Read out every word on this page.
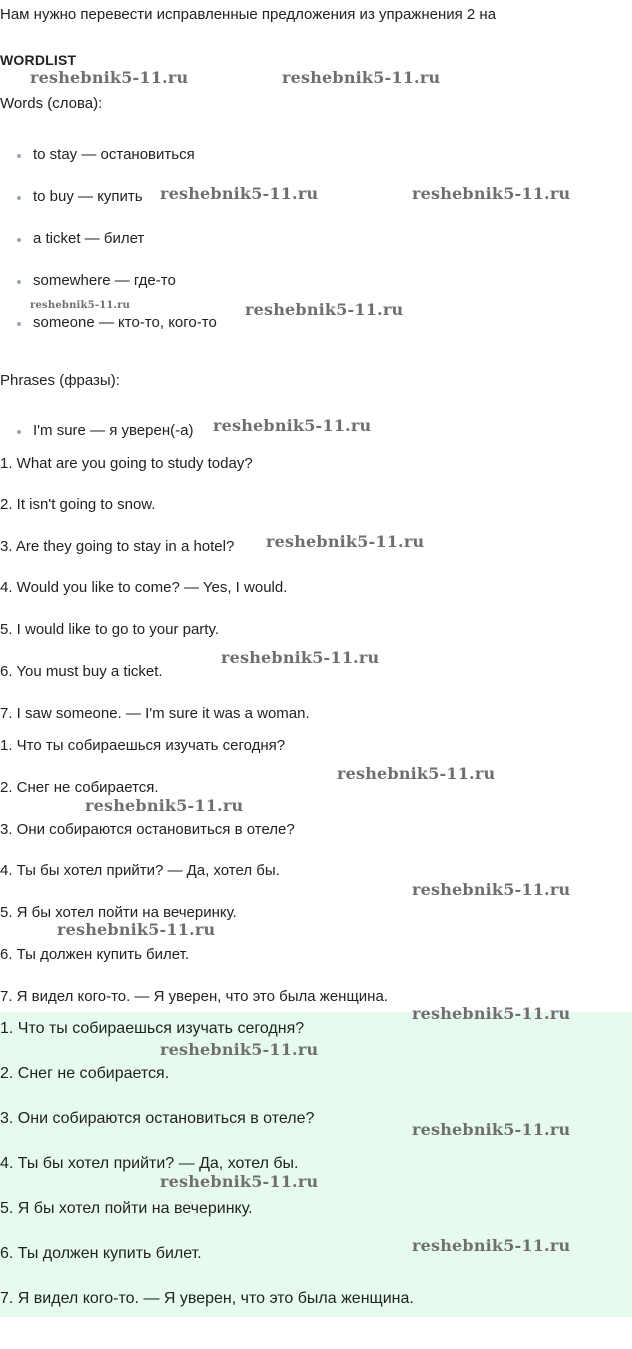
Нам нужно перевести исправленные предложения из упражнения 2 на
WORDLIST
Words (слова):
to stay — остановиться
to buy — купить
a ticket — билет
somewhere — где-то
someone — кто-то, кого-то
Phrases (фразы):
I'm sure — я уверен(-а)
1. What are you going to study today?
2. It isn't going to snow.
3. Are they going to stay in a hotel?
4. Would you like to come? — Yes, I would.
5. I would like to go to your party.
6. You must buy a ticket.
7. I saw someone. — I'm sure it was a woman.
1. Что ты собираешься изучать сегодня?
2. Снег не собирается.
3. Они собираются остановиться в отеле?
4. Ты бы хотел прийти? — Да, хотел бы.
5. Я бы хотел пойти на вечеринку.
6. Ты должен купить билет.
7. Я видел кого-то. — Я уверен, что это была женщина.
1. Что ты собираешься изучать сегодня?
2. Снег не собирается.
3. Они собираются остановиться в отеле?
4. Ты бы хотел прийти? — Да, хотел бы.
5. Я бы хотел пойти на вечеринку.
6. Ты должен купить билет.
7. Я видел кого-то. — Я уверен, что это была женщина.
reshebnik5-11.ru	reshebnik5-11.ru
reshebnik5-11.ru	reshebnik5-11.ru
reshebnik5-11.ru	reshebnik5-11.ru
reshebnik5-11.ru
reshebnik5-11.ru
reshebnik5-11.ru
reshebnik5-11.ru
reshebnik5-11.ru
reshebnik5-11.ru
reshebnik5-11.ru
reshebnik5-11.ru
reshebnik5-11.ru
reshebnik5-11.ru
reshebnik5-11.ru
reshebnik5-11.ru
